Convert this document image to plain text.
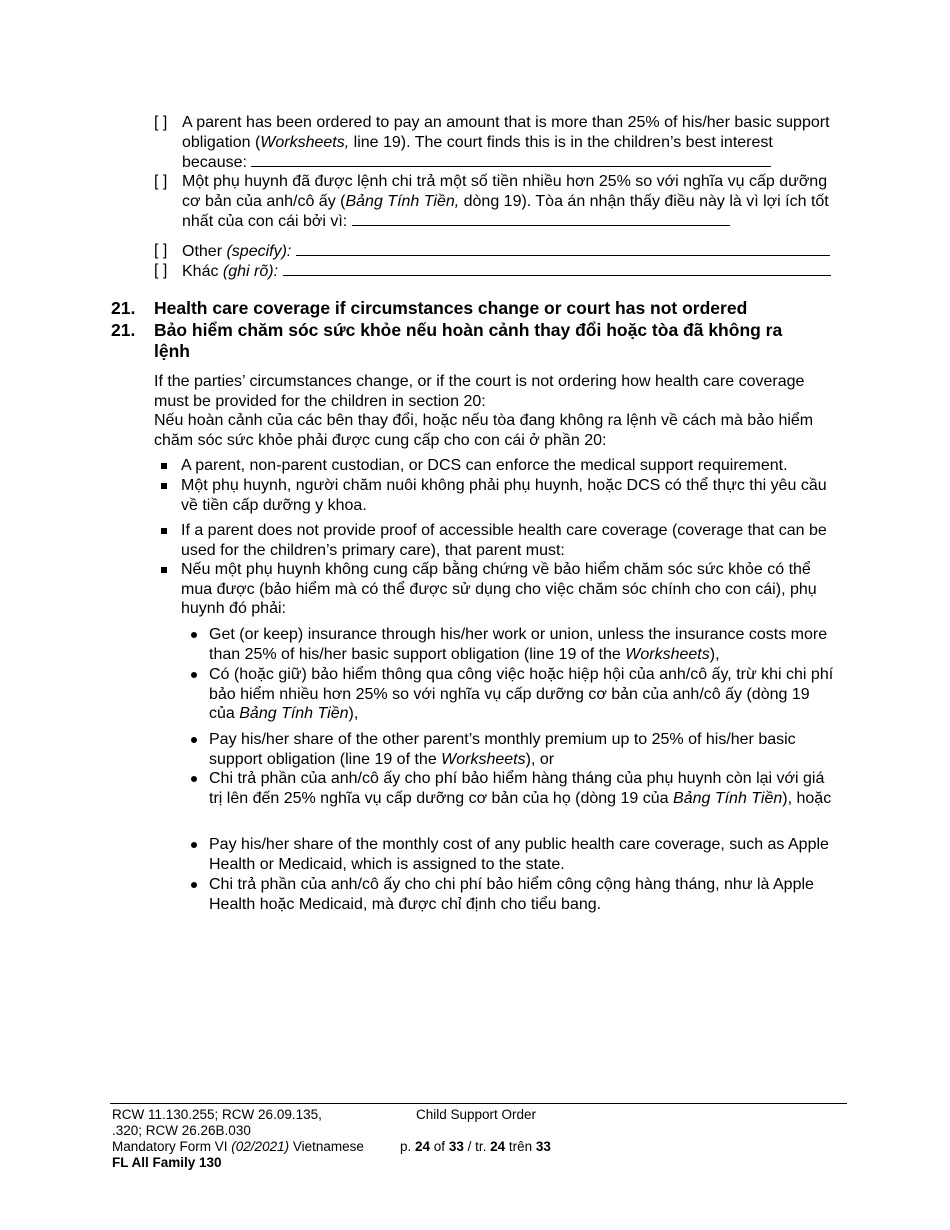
[ ] A parent has been ordered to pay an amount that is more than 25% of his/her basic support obligation (Worksheets, line 19). The court finds this is in the children’s best interest because:
[ ] Một phụ huynh đã được lệnh chi trả một số tiền nhiều hơn 25% so với nghĩa vụ cấp dưỡng cơ bản của anh/cô ấy (Bảng Tính Tiền, dòng 19). Tòa án nhận thấy điều này là vì lợi ích tốt nhất của con cái bởi vì:
[ ] Other (specify):
[ ] Khác (ghi rõ):
21. Health care coverage if circumstances change or court has not ordered
21. Bảo hiểm chăm sóc sức khỏe nếu hoàn cảnh thay đổi hoặc tòa đã không ra lệnh
If the parties’ circumstances change, or if the court is not ordering how health care coverage must be provided for the children in section 20:
Nếu hoàn cảnh của các bên thay đổi, hoặc nếu tòa đang không ra lệnh về cách mà bảo hiểm chăm sóc sức khỏe phải được cung cấp cho con cái ở phần 20:
A parent, non-parent custodian, or DCS can enforce the medical support requirement.
Một phụ huynh, người chăm nuôi không phải phụ huynh, hoặc DCS có thể thực thi yêu cầu về tiền cấp dưỡng y khoa.
If a parent does not provide proof of accessible health care coverage (coverage that can be used for the children’s primary care), that parent must:
Nếu một phụ huynh không cung cấp bằng chứng về bảo hiểm chăm sóc sức khỏe có thể mua được (bảo hiểm mà có thể được sử dụng cho việc chăm sóc chính cho con cái), phụ huynh đó phải:
Get (or keep) insurance through his/her work or union, unless the insurance costs more than 25% of his/her basic support obligation (line 19 of the Worksheets),
Có (hoặc giữ) bảo hiểm thông qua công việc hoặc hiệp hội của anh/cô ấy, trừ khi chi phí bảo hiểm nhiều hơn 25% so với nghĩa vụ cấp dưỡng cơ bản của anh/cô ấy (dòng 19 của Bảng Tính Tiền),
Pay his/her share of the other parent’s monthly premium up to 25% of his/her basic support obligation (line 19 of the Worksheets), or
Chi trả phần của anh/cô ấy cho phí bảo hiểm hàng tháng của phụ huynh còn lại với giá trị lên đến 25% nghĩa vụ cấp dưỡng cơ bản của họ (dòng 19 của Bảng Tính Tiền), hoặc
Pay his/her share of the monthly cost of any public health care coverage, such as Apple Health or Medicaid, which is assigned to the state.
Chi trả phần của anh/cô ấy cho chi phí bảo hiểm công cộng hàng tháng, như là Apple Health hoặc Medicaid, mà được chỉ định cho tiểu bang.
RCW 11.130.255; RCW 26.09.135,
.320; RCW 26.26B.030
Mandatory Form VI (02/2021) Vietnamese
FL All Family 130
Child Support Order
p. 24 of 33 / tr. 24 trên 33
